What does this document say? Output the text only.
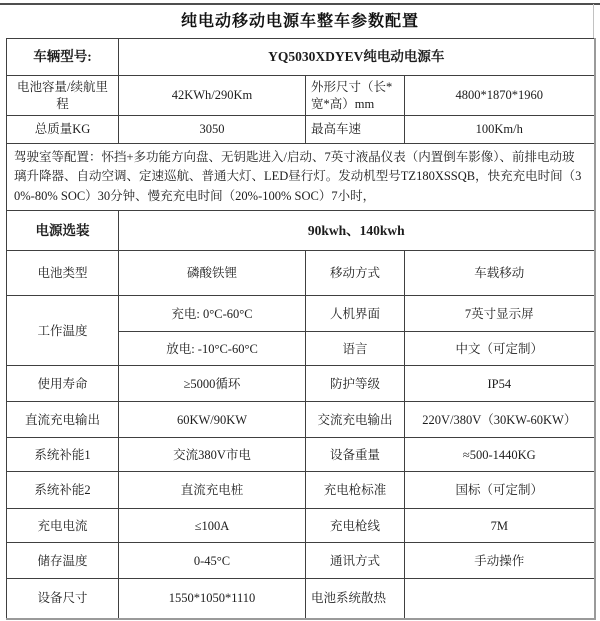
纯电动移动电源车整车参数配置
车辆型号:	YQ5030XDYEV纯电动电源车		
电池容量/续航里程	42KWh/290Km	外形尺寸（长*宽*高）mm	4800*1870*1960
总质量KG	3050	最高车速	100Km/h
驾驶室等配置：怀挡+多功能方向盘、无钥匙进入/启动、7英寸液晶仪表（内置倒车影像）、前排电动玻璃升降器、自动空调、定速巡航、普通大灯、LED昼行灯。发动机型号TZ180XSSQB，快充充电时间（30%-80% SOC）30分钟、慢充充电时间（20%-100% SOC）7小时，			
电源选装	90kwh、140kwh		
电池类型	磷酸铁锂	移动方式	车载移动
工作温度	充电: 0°C-60°C	人机界面	7英寸显示屏
	放电: -10°C-60°C	语言	中文（可定制）
使用寿命	≥5000循环	防护等级	IP54
直流充电输出	60KW/90KW	交流充电输出	220V/380V（30KW-60KW）
系统补能1	交流380V市电	设备重量	≈500-1440KG
系统补能2	直流充电桩	充电枪标准	国标（可定制）
充电电流	≤100A	充电枪线	7M
储存温度	0-45°C	通讯方式	手动操作
设备尺寸	1550*1050*1110	电池系统散热	
